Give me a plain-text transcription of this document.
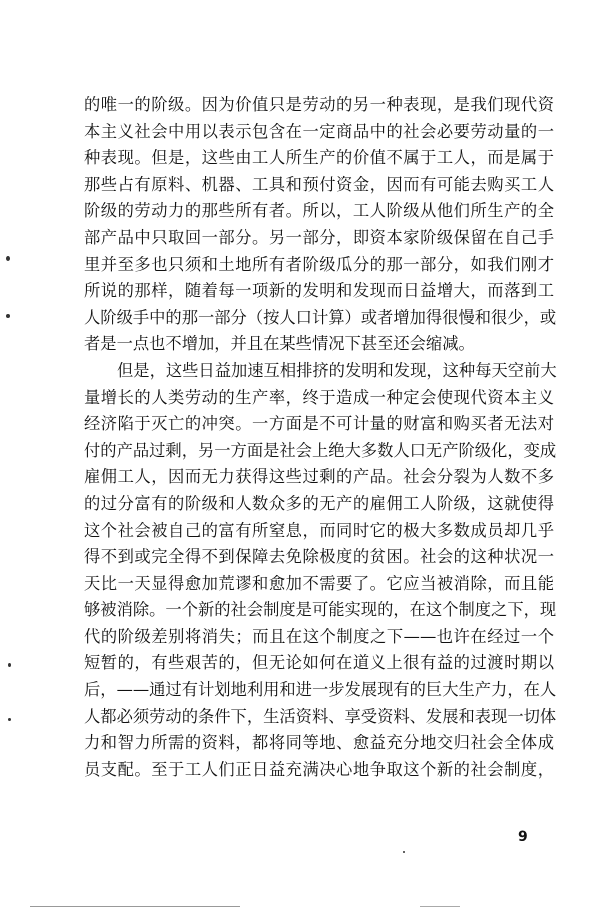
的唯一的阶级。因为价值只是劳动的另一种表现，是我们现代资
本主义社会中用以表示包含在一定商品中的社会必要劳动量的一
种表现。但是，这些由工人所生产的价值不属于工人，而是属于
那些占有原料、机器、工具和预付资金，因而有可能去购买工人
阶级的劳动力的那些所有者。所以，工人阶级从他们所生产的全
部产品中只取回一部分。另一部分，即资本家阶级保留在自己手
里并至多也只须和土地所有者阶级瓜分的那一部分，如我们刚才
所说的那样，随着每一项新的发明和发现而日益增大，而落到工
人阶级手中的那一部分（按人口计算）或者增加得很慢和很少，或
者是一点也不增加，并且在某些情况下甚至还会缩减。
但是，这些日益加速互相排挤的发明和发现，这种每天空前大
量增长的人类劳动的生产率，终于造成一种定会使现代资本主义
经济陷于灭亡的冲突。一方面是不可计量的财富和购买者无法对
付的产品过剩，另一方面是社会上绝大多数人口无产阶级化，变成
雇佣工人，因而无力获得这些过剩的产品。社会分裂为人数不多
的过分富有的阶级和人数众多的无产的雇佣工人阶级，这就使得
这个社会被自己的富有所窒息，而同时它的极大多数成员却几乎
得不到或完全得不到保障去免除极度的贫困。社会的这种状况一
天比一天显得愈加荒谬和愈加不需要了。它应当被消除，而且能
够被消除。一个新的社会制度是可能实现的，在这个制度之下，现
代的阶级差别将消失；而且在这个制度之下——也许在经过一个
短暂的，有些艰苦的，但无论如何在道义上很有益的过渡时期以
后，——通过有计划地利用和进一步发展现有的巨大生产力，在人
人都必须劳动的条件下，生活资料、享受资料、发展和表现一切体
力和智力所需的资料，都将同等地、愈益充分地交归社会全体成
员支配。至于工人们正日益充满决心地争取这个新的社会制度，
9
